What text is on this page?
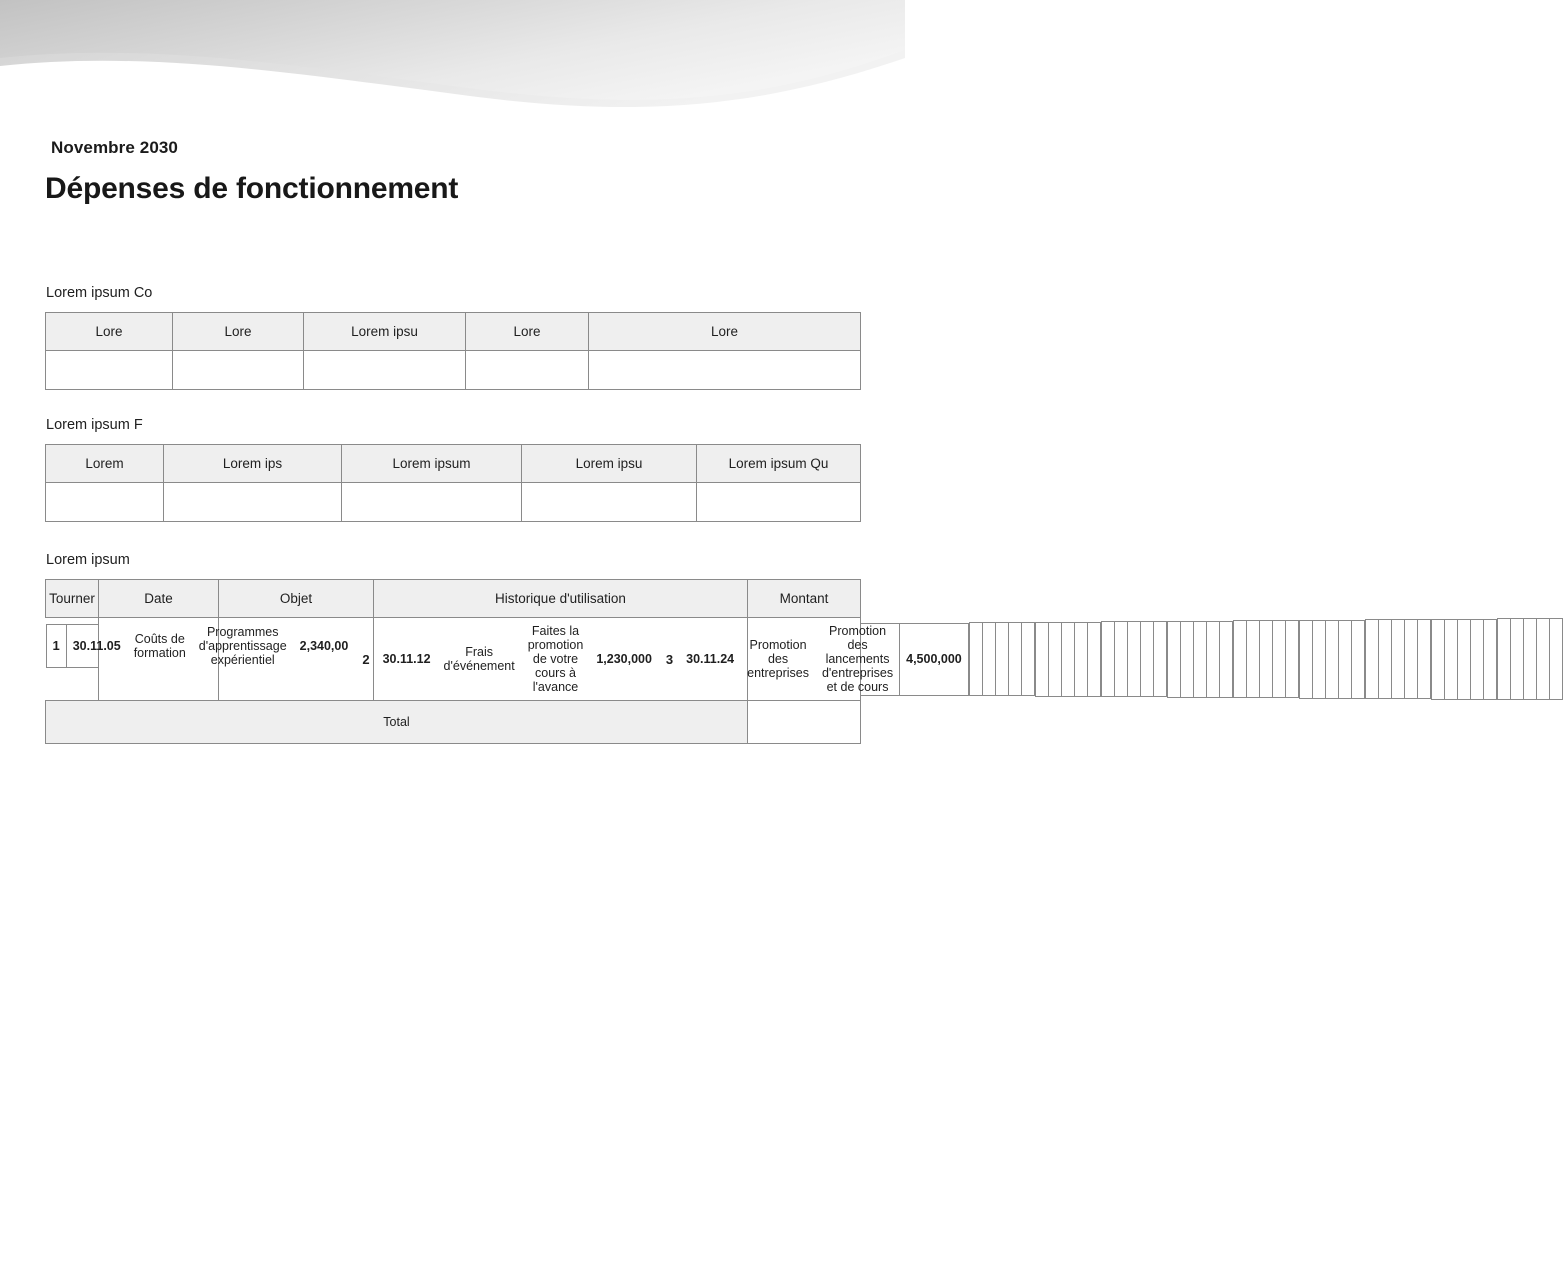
Novembre 2030

Dépenses de fonctionnement

Lorem ipsum Co

Lore	Lore	Lorem ipsu	Lore	Lore

Lorem ipsum F

Lorem	Lorem ips	Lorem ipsum	Lorem ipsu	Lorem ipsum Qu

Lorem ipsum

Tourner	Date	Objet	Historique d'utilisation	Montant

1	30.11.05	Coûts de formation	Programmes d'apprentissage expérientiel	2,340,00
2	30.11.12	Frais d'événement	Faites la promotion de votre cours à l'avance	1,230,000
3	30.11.24	Promotion des entreprises	Promotion des lancements d'entreprises et de cours	4,500,000

Total	
